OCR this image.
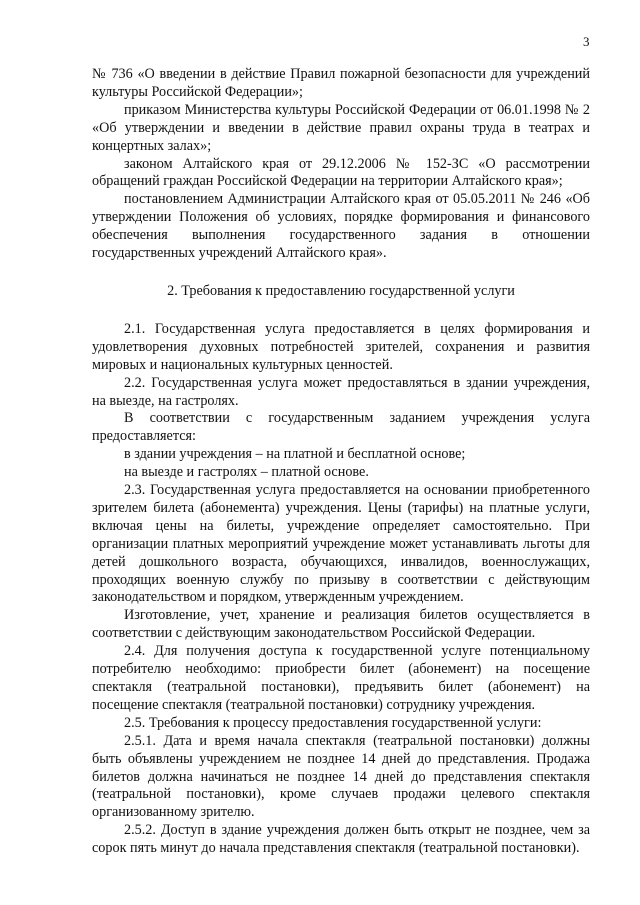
3

№ 736 «О введении в действие Правил пожарной безопасности для учреждений культуры Российской Федерации»;

приказом Министерства культуры Российской Федерации от 06.01.1998 № 2 «Об утверждении и введении в действие правил охраны труда в театрах и концертных залах»;

законом Алтайского края от 29.12.2006 № 152-ЗС «О рассмотрении обращений граждан Российской Федерации на территории Алтайского края»;

постановлением Администрации Алтайского края от 05.05.2011 № 246 «Об утверждении Положения об условиях, порядке формирования и финансового обеспечения выполнения государственного задания в отношении государственных учреждений Алтайского края».

2. Требования к предоставлению государственной услуги

2.1. Государственная услуга предоставляется в целях формирования и удовлетворения духовных потребностей зрителей, сохранения и развития мировых и национальных культурных ценностей.

2.2. Государственная услуга может предоставляться в здании учреждения, на выезде, на гастролях.

В соответствии с государственным заданием учреждения услуга предоставляется:

в здании учреждения – на платной и бесплатной основе;

на выезде и гастролях – платной основе.

2.3. Государственная услуга предоставляется на основании приобретенного зрителем билета (абонемента) учреждения. Цены (тарифы) на платные услуги, включая цены на билеты, учреждение определяет самостоятельно. При организации платных мероприятий учреждение может устанавливать льготы для детей дошкольного возраста, обучающихся, инвалидов, военнослужащих, проходящих военную службу по призыву в соответствии с действующим законодательством и порядком, утвержденным учреждением.

Изготовление, учет, хранение и реализация билетов осуществляется в соответствии с действующим законодательством Российской Федерации.

2.4. Для получения доступа к государственной услуге потенциальному потребителю необходимо: приобрести билет (абонемент) на посещение спектакля (театральной постановки), предъявить билет (абонемент) на посещение спектакля (театральной постановки) сотруднику учреждения.

2.5. Требования к процессу предоставления государственной услуги:

2.5.1. Дата и время начала спектакля (театральной постановки) должны быть объявлены учреждением не позднее 14 дней до представления. Продажа билетов должна начинаться не позднее 14 дней до представления спектакля (театральной постановки), кроме случаев продажи целевого спектакля организованному зрителю.

2.5.2. Доступ в здание учреждения должен быть открыт не позднее, чем за сорок пять минут до начала представления спектакля (театральной постановки).
